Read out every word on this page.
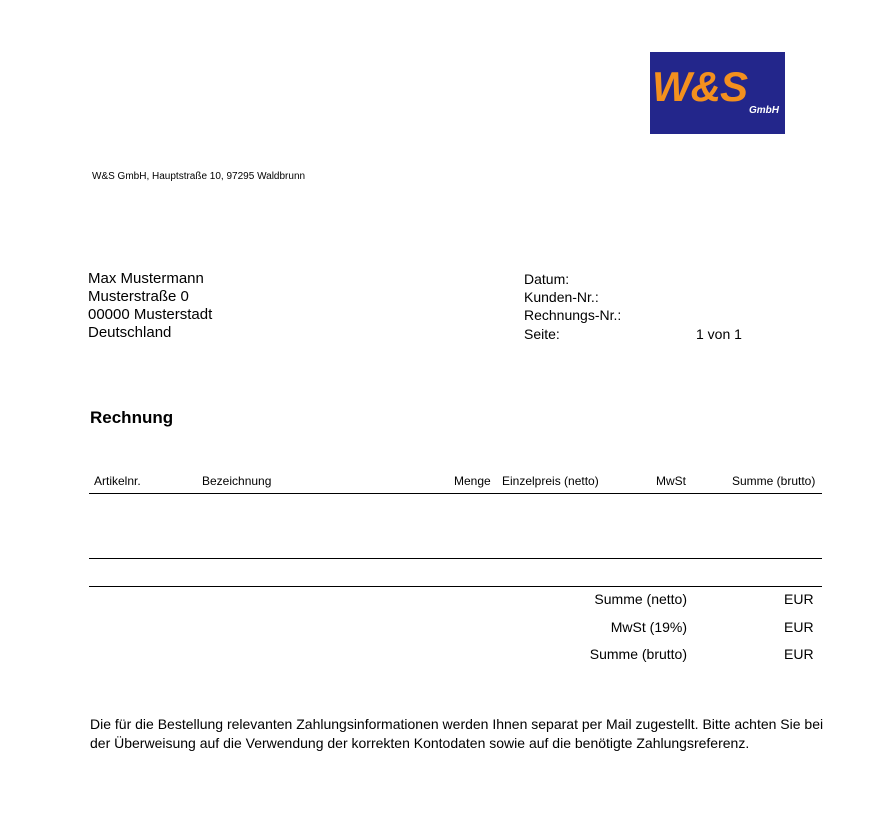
W&S
GmbH
W&S GmbH, Hauptstraße 10, 97295 Waldbrunn
Max Mustermann
Musterstraße 0
00000 Musterstadt
Deutschland
Datum:
Kunden-Nr.:
Rechnungs-Nr.:
Seite:	1 von 1
Rechnung
Artikelnr.	Bezeichnung	Menge Einzelpreis (netto)	MwSt	Summe (brutto)
Summe (netto)	EUR
MwSt (19%)	EUR
Summe (brutto)	EUR
Die für die Bestellung relevanten Zahlungsinformationen werden Ihnen separat per Mail zugestellt. Bitte achten Sie bei der Überweisung auf die Verwendung der korrekten Kontodaten sowie auf die benötigte Zahlungsreferenz.
